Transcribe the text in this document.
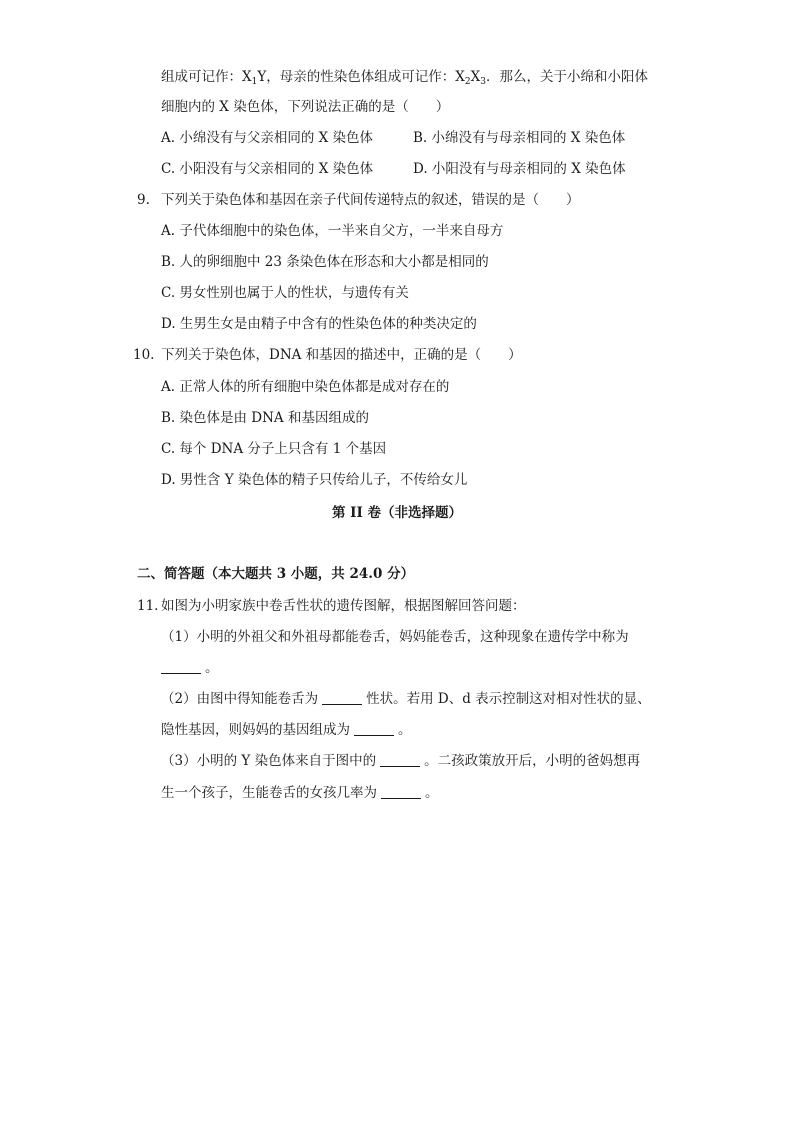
组成可记作：$X_1Y$，母亲的性染色体组成可记作：$X_2X_3$．那么，关于小绵和小阳体
细胞内的 X 染色体，下列说法正确的是（　　）
A. 小绵没有与父亲相同的 X 染色体	B. 小绵没有与母亲相同的 X 染色体
C. 小阳没有与父亲相同的 X 染色体	D. 小阳没有与母亲相同的 X 染色体
9. 下列关于染色体和基因在亲子代间传递特点的叙述，错误的是（　　）
A. 子代体细胞中的染色体，一半来自父方，一半来自母方
B. 人的卵细胞中 23 条染色体在形态和大小都是相同的
C. 男女性别也属于人的性状，与遗传有关
D. 生男生女是由精子中含有的性染色体的种类决定的
10. 下列关于染色体，DNA 和基因的描述中，正确的是（　　）
A. 正常人体的所有细胞中染色体都是成对存在的
B. 染色体是由 DNA 和基因组成的
C. 每个 DNA 分子上只含有 1 个基因
D. 男性含 Y 染色体的精子只传给儿子，不传给女儿
第 II 卷（非选择题）
二、简答题（本大题共 3 小题，共 24.0 分）
11. 如图为小明家族中卷舌性状的遗传图解，根据图解回答问题：
（1）小明的外祖父和外祖母都能卷舌，妈妈能卷舌，这种现象在遗传学中称为
。
（2）由图中得知能卷舌为	性状。若用 D、d 表示控制这对相对性状的显、
隐性基因，则妈妈的基因组成为	。
（3）小明的 Y 染色体来自于图中的	。二孩政策放开后，小明的爸妈想再
生一个孩子，生能卷舌的女孩几率为	。
